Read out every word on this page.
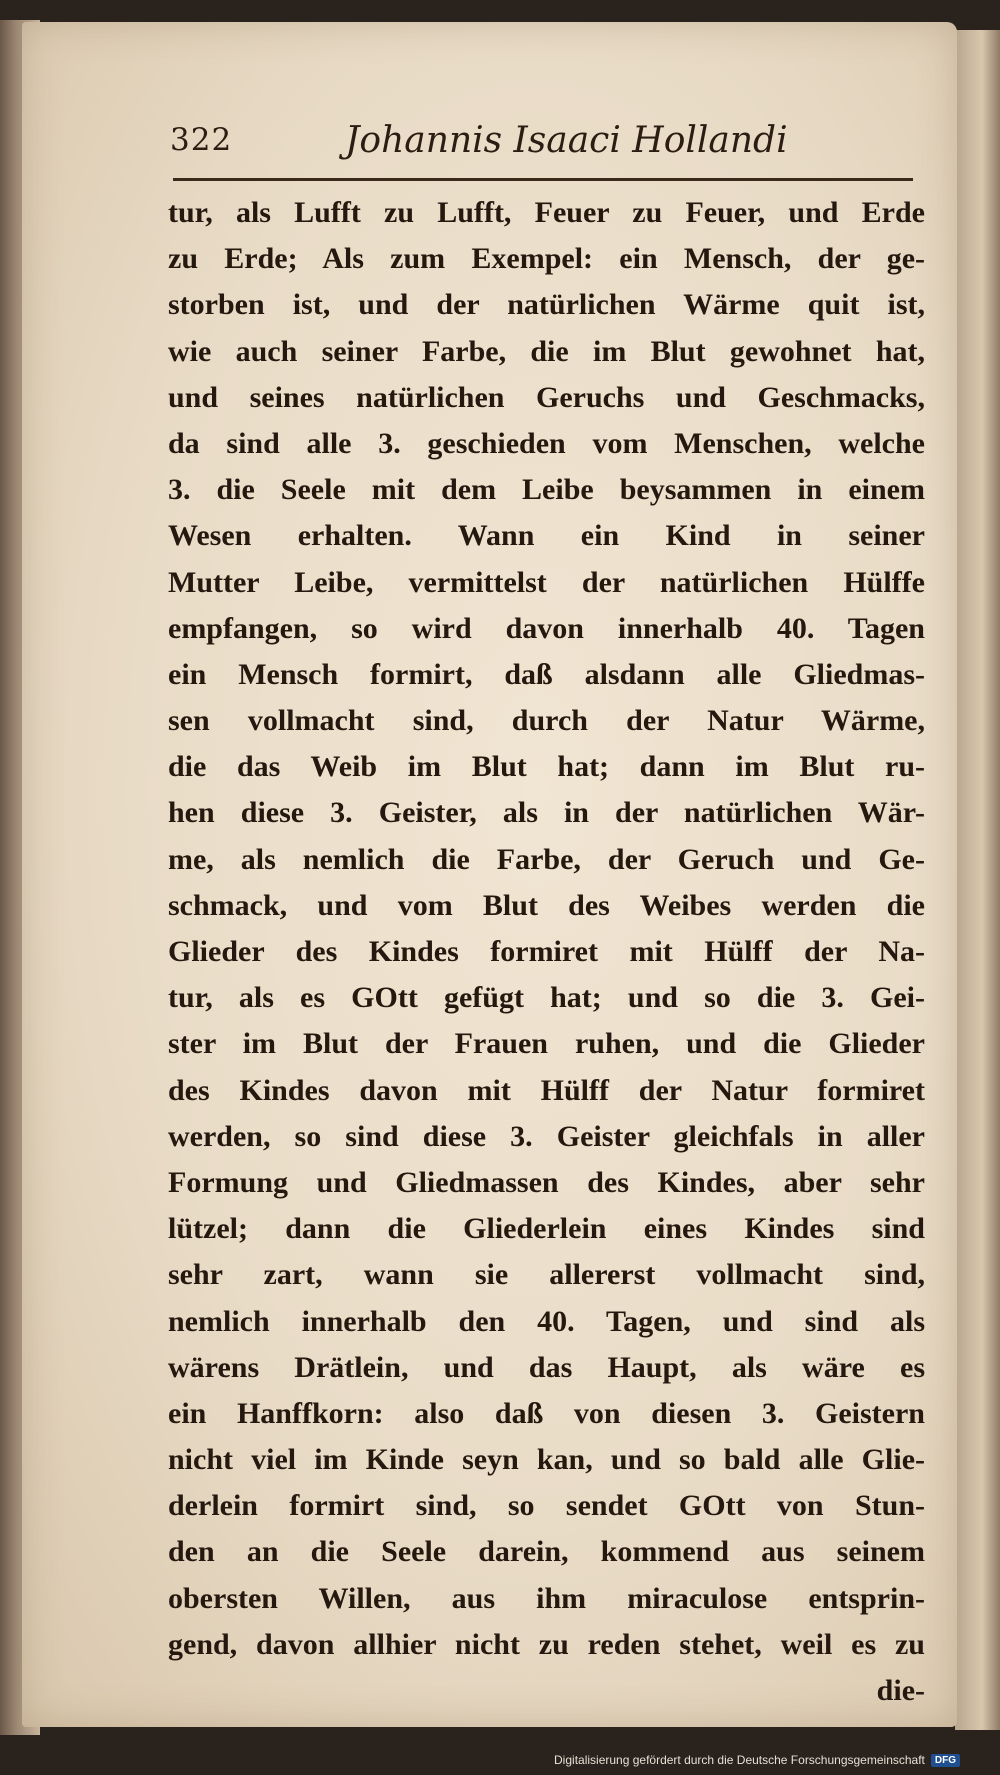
322	Johannis Isaaci Hollandi
tur, als Lufft zu Lufft, Feuer zu Feuer, und Erde
zu Erde; Als zum Exempel: ein Mensch, der ge-
storben ist, und der natürlichen Wärme quit ist,
wie auch seiner Farbe, die im Blut gewohnet hat,
und seines natürlichen Geruchs und Geschmacks,
da sind alle 3. geschieden vom Menschen, welche
3. die Seele mit dem Leibe beysammen in einem
Wesen erhalten. Wann ein Kind in seiner
Mutter Leibe, vermittelst der natürlichen Hülffe
empfangen, so wird davon innerhalb 40. Tagen
ein Mensch formirt, daß alsdann alle Gliedmas-
sen vollmacht sind, durch der Natur Wärme,
die das Weib im Blut hat; dann im Blut ru-
hen diese 3. Geister, als in der natürlichen Wär-
me, als nemlich die Farbe, der Geruch und Ge-
schmack, und vom Blut des Weibes werden die
Glieder des Kindes formiret mit Hülff der Na-
tur, als es GOtt gefügt hat; und so die 3. Gei-
ster im Blut der Frauen ruhen, und die Glieder
des Kindes davon mit Hülff der Natur formiret
werden, so sind diese 3. Geister gleichfals in aller
Formung und Gliedmassen des Kindes, aber sehr
lützel; dann die Gliederlein eines Kindes sind
sehr zart, wann sie allererst vollmacht sind,
nemlich innerhalb den 40. Tagen, und sind als
wärens Drätlein, und das Haupt, als wäre es
ein Hanffkorn: also daß von diesen 3. Geistern
nicht viel im Kinde seyn kan, und so bald alle Glie-
derlein formirt sind, so sendet GOtt von Stun-
den an die Seele darein, kommend aus seinem
obersten Willen, aus ihm miraculose entsprin-
gend, davon allhier nicht zu reden stehet, weil es zu
die-
Digitalisierung gefördert durch die Deutsche Forschungsgemeinschaft	DFG
